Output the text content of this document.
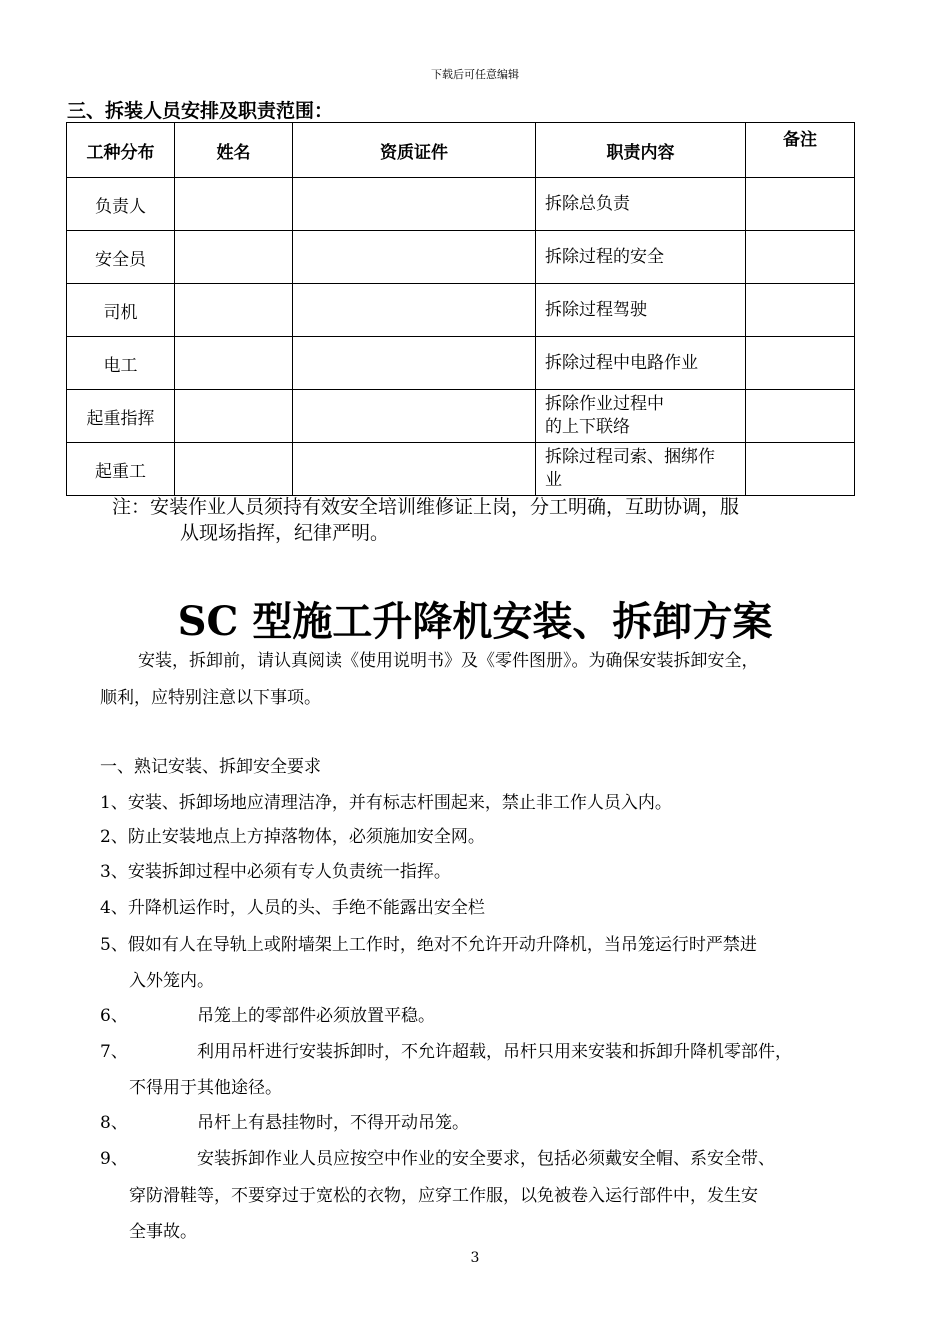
下载后可任意编辑
三、拆装人员安排及职责范围：
工种分布	姓名	资质证件	职责内容	备注
负责人			拆除总负责	

安全员			拆除过程的安全	

司机			拆除过程驾驶	

电工			拆除过程中电路作业	

起重指挥			拆除作业过程中
的上下联络	

起重工			拆除过程司索、捆绑作
业	

注：安装作业人员须持有效安全培训维修证上岗，分工明确，互助协调，服
从现场指挥，纪律严明。
SC 型施工升降机安装、拆卸方案
安装，拆卸前，请认真阅读《使用说明书》及《零件图册》。为确保安装拆卸安全，
顺利，应特别注意以下事项。
一、熟记安装、拆卸安全要求
1、安装、拆卸场地应清理洁净，并有标志杆围起来，禁止非工作人员入内。
2、防止安装地点上方掉落物体，必须施加安全网。
3、安装拆卸过程中必须有专人负责统一指挥。
4、升降机运作时，人员的头、手绝不能露出安全栏
5、假如有人在导轨上或附墙架上工作时，绝对不允许开动升降机，当吊笼运行时严禁进
入外笼内。
6、	吊笼上的零部件必须放置平稳。
7、	利用吊杆进行安装拆卸时，不允许超载，吊杆只用来安装和拆卸升降机零部件，
不得用于其他途径。
8、	吊杆上有悬挂物时，不得开动吊笼。
9、	安装拆卸作业人员应按空中作业的安全要求，包括必须戴安全帽、系安全带、
穿防滑鞋等，不要穿过于宽松的衣物，应穿工作服，以免被卷入运行部件中，发生安
全事故。
3
